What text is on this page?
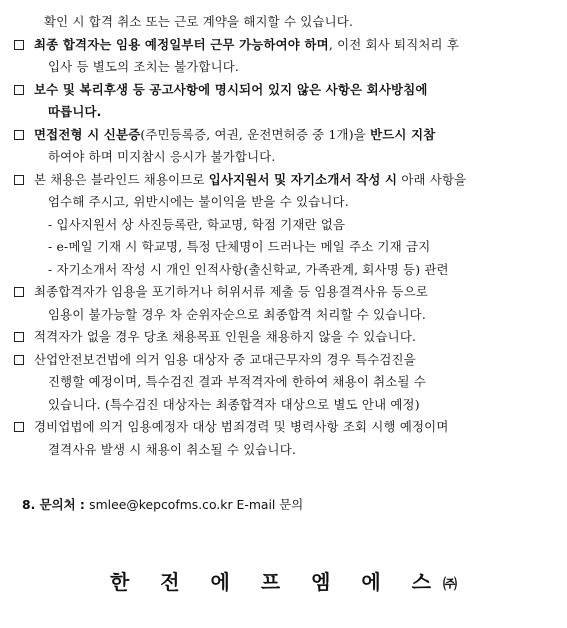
확인 시 합격 취소 또는 근로 계약을 해지할 수 있습니다.
최종 합격자는 임용 예정일부터 근무 가능하여야 하며, 이전 회사 퇴직처리 후
입사 등 별도의 조치는 불가합니다.
보수 및 복리후생 등 공고사항에 명시되어 있지 않은 사항은 회사방침에
따릅니다.
면접전형 시 신분증(주민등록증, 여권, 운전면허증 중 1개)을 반드시 지참
하여야 하며 미지참시 응시가 불가합니다.
본 채용은 블라인드 채용이므로 입사지원서 및 자기소개서 작성 시 아래 사항을
엄수해 주시고, 위반시에는 불이익을 받을 수 있습니다.
- 입사지원서 상 사진등록란, 학교명, 학점 기재란 없음
- e-메일 기재 시 학교명, 특정 단체명이 드러나는 메일 주소 기재 금지
- 자기소개서 작성 시 개인 인적사항(출신학교, 가족관계, 회사명 등) 관련
최종합격자가 임용을 포기하거나 허위서류 제출 등 임용결격사유 등으로
임용이 불가능할 경우 차 순위자순으로 최종합격 처리할 수 있습니다.
적격자가 없을 경우 당초 채용목표 인원을 채용하지 않을 수 있습니다.
산업안전보건법에 의거 임용 대상자 중 교대근무자의 경우 특수검진을
진행할 예정이며, 특수검진 결과 부적격자에 한하여 채용이 취소될 수
있습니다. (특수검진 대상자는 최종합격자 대상으로 별도 안내 예정)
경비업법에 의거 임용예정자 대상 범죄경력 및 병력사항 조회 시행 예정이며
결격사유 발생 시 채용이 취소될 수 있습니다.
8. 문의처 : smlee@kepcofms.co.kr E-mail 문의
한 전 에 프 엠 에 스㈜
